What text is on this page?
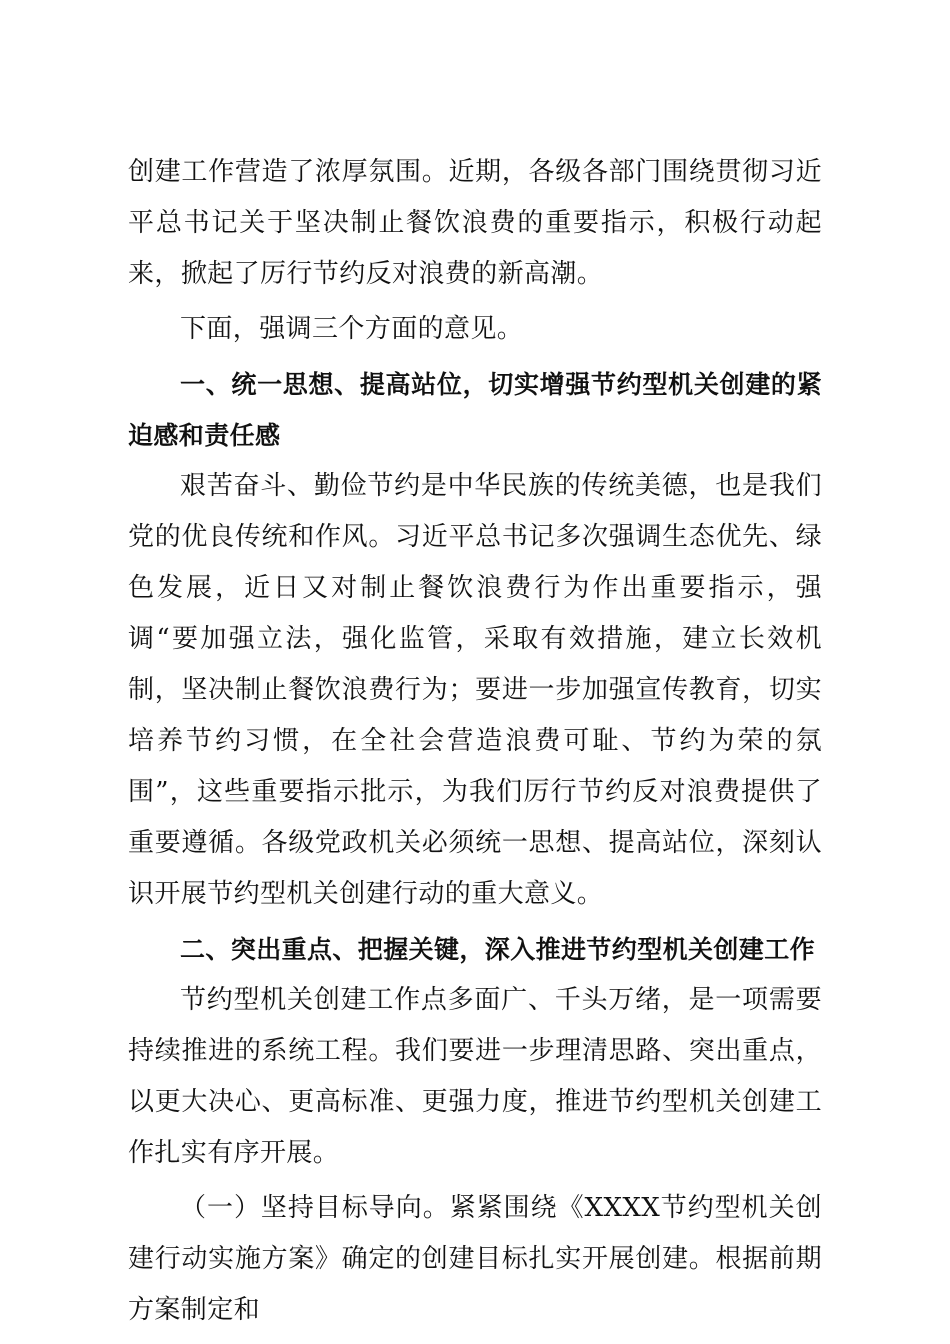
创建工作营造了浓厚氛围。近期，各级各部门围绕贯彻习近平总书记关于坚决制止餐饮浪费的重要指示，积极行动起来，掀起了厉行节约反对浪费的新高潮。

下面，强调三个方面的意见。

一、统一思想、提高站位，切实增强节约型机关创建的紧迫感和责任感

艰苦奋斗、勤俭节约是中华民族的传统美德，也是我们党的优良传统和作风。习近平总书记多次强调生态优先、绿色发展，近日又对制止餐饮浪费行为作出重要指示，强调“要加强立法，强化监管，采取有效措施，建立长效机制，坚决制止餐饮浪费行为；要进一步加强宣传教育，切实培养节约习惯，在全社会营造浪费可耻、节约为荣的氛围”，这些重要指示批示，为我们厉行节约反对浪费提供了重要遵循。各级党政机关必须统一思想、提高站位，深刻认识开展节约型机关创建行动的重大意义。

二、突出重点、把握关键，深入推进节约型机关创建工作

节约型机关创建工作点多面广、千头万绪，是一项需要持续推进的系统工程。我们要进一步理清思路、突出重点，以更大决心、更高标准、更强力度，推进节约型机关创建工作扎实有序开展。

（一）坚持目标导向。紧紧围绕《XXXX节约型机关创建行动实施方案》确定的创建目标扎实开展创建。根据前期方案制定和
